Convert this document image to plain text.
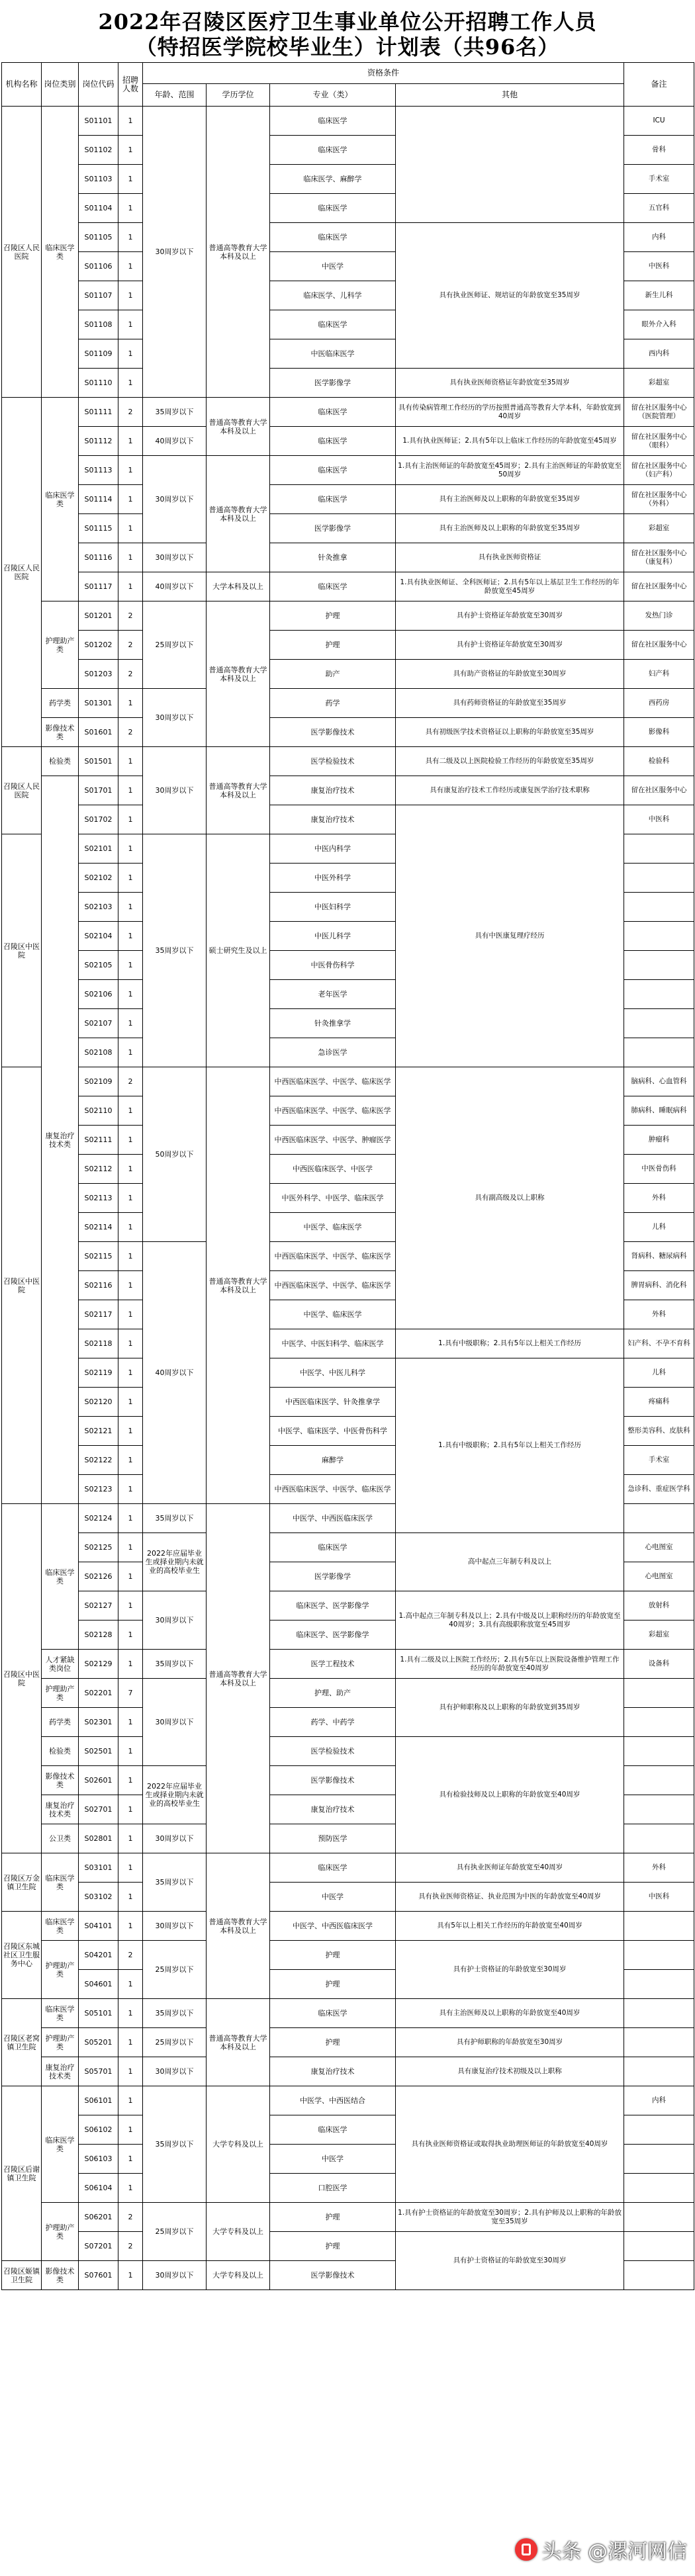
2022年召陵区医疗卫生事业单位公开招聘工作人员
（特招医学院校毕业生）计划表（共96名）
机构名称	岗位类别	岗位代码	招聘人数	资格条件				备注
				年龄、范围	学历学位	专业（类）	其他	
召陵区人民医院	临床医学类	S01101	1	30周岁以下	普通高等教育大学本科及以上	临床医学		ICU
		S01102	1			临床医学		骨科
		S01103	1			临床医学、麻醉学		手术室
		S01104	1			临床医学		五官科
		S01105	1			临床医学	具有执业医师证、规培证的年龄放宽至35周岁	内科
		S01106	1			中医学		中医科
		S01107	1			临床医学、儿科学		新生儿科
		S01108	1			临床医学		眼外介入科
		S01109	1			中医临床医学		西内科
		S01110	1			医学影像学	具有执业医师资格证年龄放宽至35周岁	彩超室
召陵区人民医院	临床医学类	S01111	2	35周岁以下	普通高等教育大学本科及以上	临床医学	具有传染病管理工作经历的学历按照普通高等教育大学本科，年龄放宽到40周岁	留在社区服务中心（医院管理）
		S01112	1	40周岁以下		临床医学	1.具有执业医师证；2.具有5年以上临床工作经历的年龄放宽至45周岁	留在社区服务中心（眼科）
		S01113	1	30周岁以下	普通高等教育大学本科及以上	临床医学	1.具有主治医师证的年龄放宽至45周岁；2.具有主治医师证的年龄放宽至50周岁	留在社区服务中心（妇产科）
		S01114	1			临床医学	具有主治医师及以上职称的年龄放宽至35周岁	留在社区服务中心（外科）
		S01115	1			医学影像学	具有主治医师及以上职称的年龄放宽至35周岁	彩超室
		S01116	1	30周岁以下		针灸推拿	具有执业医师资格证	留在社区服务中心（康复科）
		S01117	1	40周岁以下	大学本科及以上	临床医学	1.具有执业医师证、全科医师证；2.具有5年以上基层卫生工作经历的年龄放宽至45周岁	留在社区服务中心
	护理助产类	S01201	2	25周岁以下	普通高等教育大学本科及以上	护理	具有护士资格证年龄放宽至30周岁	发热门诊
		S01202	2			护理	具有护士资格证年龄放宽至30周岁	留在社区服务中心
		S01203	2			助产	具有助产资格证的年龄放宽至30周岁	妇产科
	药学类	S01301	1	30周岁以下		药学	具有药师资格证的年龄放宽至35周岁	西药房
	影像技术类	S01601	2			医学影像技术	具有初级医学技术资格证以上职称的年龄放宽至35周岁	影像科
召陵区人民医院	检验类	S01501	1	30周岁以下	普通高等教育大学本科及以上	医学检验技术	具有二级及以上医院检验工作经历的年龄放宽至35周岁	检验科
	康复治疗技术类	S01701	1			康复治疗技术	具有康复治疗技术工作经历或康复医学治疗技术职称	留在社区服务中心
		S01702	1			康复治疗技术	具有中医康复理疗经历	中医科
召陵区中医院		S02101	1	35周岁以下	硕士研究生及以上	中医内科学		
		S02102	1			中医外科学		
		S02103	1			中医妇科学		
		S02104	1			中医儿科学		
		S02105	1			中医骨伤科学		
		S02106	1			老年医学		
		S02107	1			针灸推拿学		
		S02108	1			急诊医学		
召陵区中医院		S02109	2	50周岁以下	普通高等教育大学本科及以上	中西医临床医学、中医学、临床医学	具有副高级及以上职称	脑病科、心血管科
		S02110	1			中西医临床医学、中医学、临床医学		肺病科、睡眠病科
		S02111	1			中西医临床医学、中医学、肿瘤医学		肿瘤科
		S02112	1			中西医临床医学、中医学		中医骨伤科
		S02113	1			中医外科学、中医学、临床医学		外科
		S02114	1			中医学、临床医学		儿科
		S02115	1	40周岁以下		中西医临床医学、中医学、临床医学		肾病科、糖尿病科
		S02116	1			中西医临床医学、中医学、临床医学		脾胃病科、消化科
		S02117	1			中医学、临床医学		外科
		S02118	1			中医学、中医妇科学、临床医学	1.具有中级职称；2.具有5年以上相关工作经历	妇产科、不孕不育科
		S02119	1			中医学、中医儿科学	1.具有中级职称；2.具有5年以上相关工作经历	儿科
		S02120	1			中西医临床医学、针灸推拿学		疼痛科
		S02121	1			中医学、临床医学、中医骨伤科学		整形美容科、皮肤科
		S02122	1			麻醉学		手术室
		S02123	1			中西医临床医学、中医学、临床医学		急诊科、重症医学科
召陵区中医院	临床医学类	S02124	1	35周岁以下	普通高等教育大学本科及以上	中医学、中西医临床医学		
		S02125	1	2022年应届毕业生或择业期内未就业的高校毕业生		临床医学	高中起点三年制专科及以上	心电图室
		S02126	1			医学影像学		心电图室
		S02127	1	30周岁以下		临床医学、医学影像学	1.高中起点三年制专科及以上；2.具有中级及以上职称经历的年龄放宽至40周岁；3.具有高级职称放宽至45周岁	放射科
		S02128	1			临床医学、医学影像学		彩超室
	人才紧缺类岗位	S02129	1	35周岁以下		医学工程技术	1.具有二级及以上医院工作经历；2.具有5年以上医院设备维护管理工作经历的年龄放宽至40周岁	设备科
	护理助产类	S02201	7	30周岁以下		护理、助产	具有护师职称及以上职称的年龄放宽到35周岁	
	药学类	S02301	1			药学、中药学		
	检验类	S02501	1			医学检验技术	具有检验技师及以上职称的年龄放宽至40周岁	
	影像技术类	S02601	1	2022年应届毕业生或择业期内未就业的高校毕业生		医学影像技术		
	康复治疗技术类	S02701	1			康复治疗技术		
	公卫类	S02801	1	30周岁以下		预防医学		
召陵区万金镇卫生院	临床医学类	S03101	1	35周岁以下	普通高等教育大学本科及以上	临床医学	具有执业医师证年龄放宽至40周岁	外科
		S03102	1			中医学	具有执业医师资格证、执业范围为中医的年龄放宽至40周岁	中医科
召陵区东城社区卫生服务中心	临床医学类	S04101	1	30周岁以下		中医学、中西医临床医学	具有5年以上相关工作经历的年龄放宽至40周岁	
	护理助产类	S04201	2	25周岁以下		护理	具有护士资格证的年龄放宽至30周岁	
		S04601	1			护理		
召陵区老窝镇卫生院	临床医学类	S05101	1	35周岁以下	普通高等教育大学本科及以上	临床医学	具有主治医师及以上职称的年龄放宽至40周岁	
	护理助产类	S05201	1	25周岁以下		护理	具有护师职称的年龄放宽至30周岁	
	康复治疗技术类	S05701	1	30周岁以下		康复治疗技术	具有康复治疗技术初级及以上职称	
召陵区后谢镇卫生院	临床医学类	S06101	1	35周岁以下	大学专科及以上	中医学、中西医结合	具有执业医师资格证或取得执业助理医师证的年龄放宽至40周岁	内科
		S06102	1			临床医学		
		S06103	1			中医学		
		S06104	1			口腔医学		
	护理助产类	S06201	2	25周岁以下	大学专科及以上	护理	1.具有护士资格证的年龄放宽至30周岁；2.具有护师及以上职称的年龄放宽至35周岁	
		S07201	2			护理	具有护士资格证的年龄放宽至30周岁	
召陵区姬镇卫生院	影像技术类	S07601	1	30周岁以下	大学专科及以上	医学影像技术		
头条 @漯河网信
